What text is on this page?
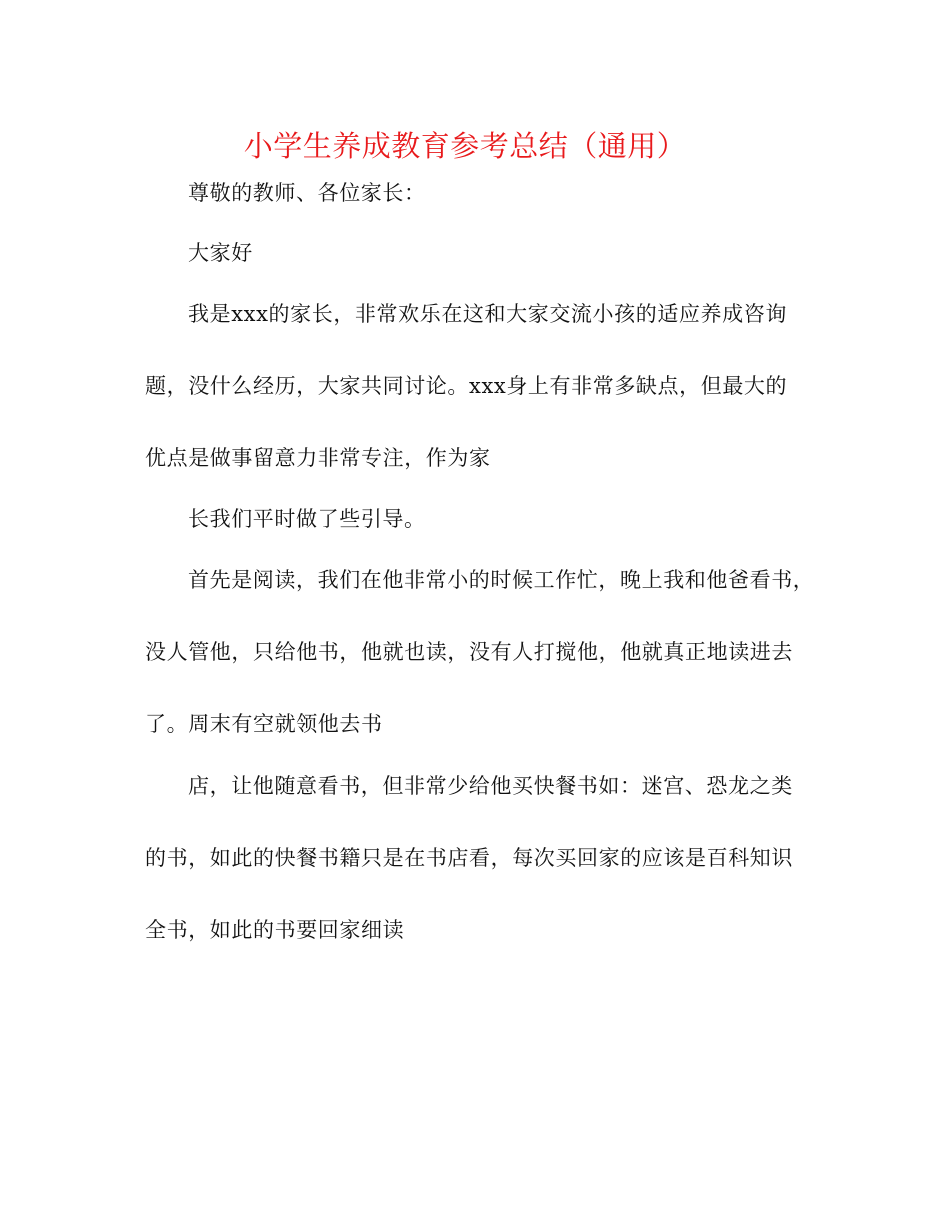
小学生养成教育参考总结（通用）
尊敬的教师、各位家长：
大家好
我是xxx的家长，非常欢乐在这和大家交流小孩的适应养成咨询
题，没什么经历，大家共同讨论。xxx身上有非常多缺点，但最大的
优点是做事留意力非常专注，作为家
长我们平时做了些引导。
首先是阅读，我们在他非常小的时候工作忙，晚上我和他爸看书，
没人管他，只给他书，他就也读，没有人打搅他，他就真正地读进去
了。周末有空就领他去书
店，让他随意看书，但非常少给他买快餐书如：迷宫、恐龙之类
的书，如此的快餐书籍只是在书店看，每次买回家的应该是百科知识
全书，如此的书要回家细读
